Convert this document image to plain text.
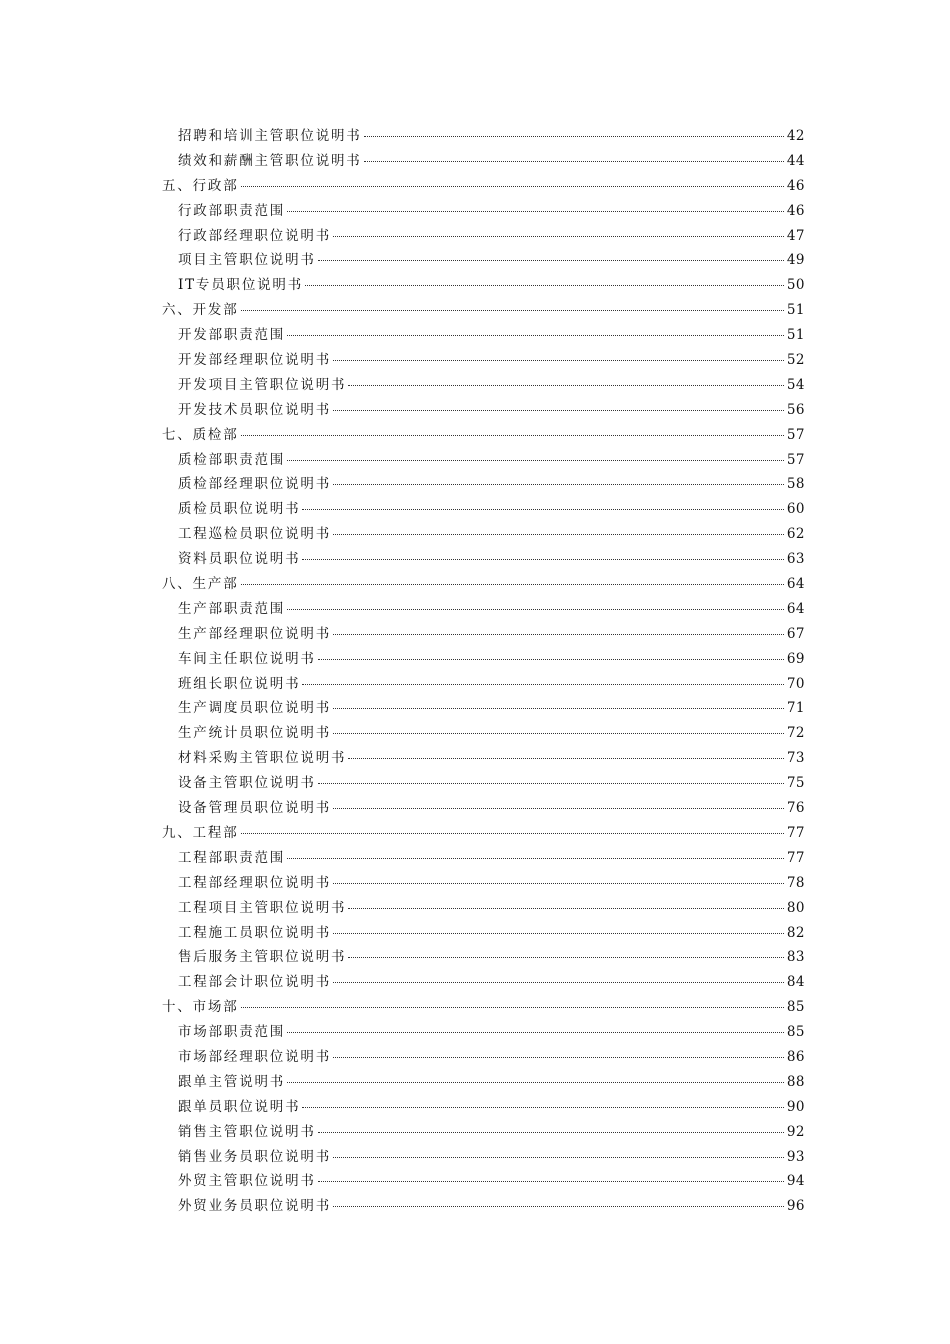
招聘和培训主管职位说明书	42
绩效和薪酬主管职位说明书	44
五、行政部	46
行政部职责范围	46
行政部经理职位说明书	47
项目主管职位说明书	49
IT专员职位说明书	50
六、开发部	51
开发部职责范围	51
开发部经理职位说明书	52
开发项目主管职位说明书	54
开发技术员职位说明书	56
七、质检部	57
质检部职责范围	57
质检部经理职位说明书	58
质检员职位说明书	60
工程巡检员职位说明书	62
资料员职位说明书	63
八、生产部	64
生产部职责范围	64
生产部经理职位说明书	67
车间主任职位说明书	69
班组长职位说明书	70
生产调度员职位说明书	71
生产统计员职位说明书	72
材料采购主管职位说明书	73
设备主管职位说明书	75
设备管理员职位说明书	76
九、工程部	77
工程部职责范围	77
工程部经理职位说明书	78
工程项目主管职位说明书	80
工程施工员职位说明书	82
售后服务主管职位说明书	83
工程部会计职位说明书	84
十、市场部	85
市场部职责范围	85
市场部经理职位说明书	86
跟单主管说明书	88
跟单员职位说明书	90
销售主管职位说明书	92
销售业务员职位说明书	93
外贸主管职位说明书	94
外贸业务员职位说明书	96
